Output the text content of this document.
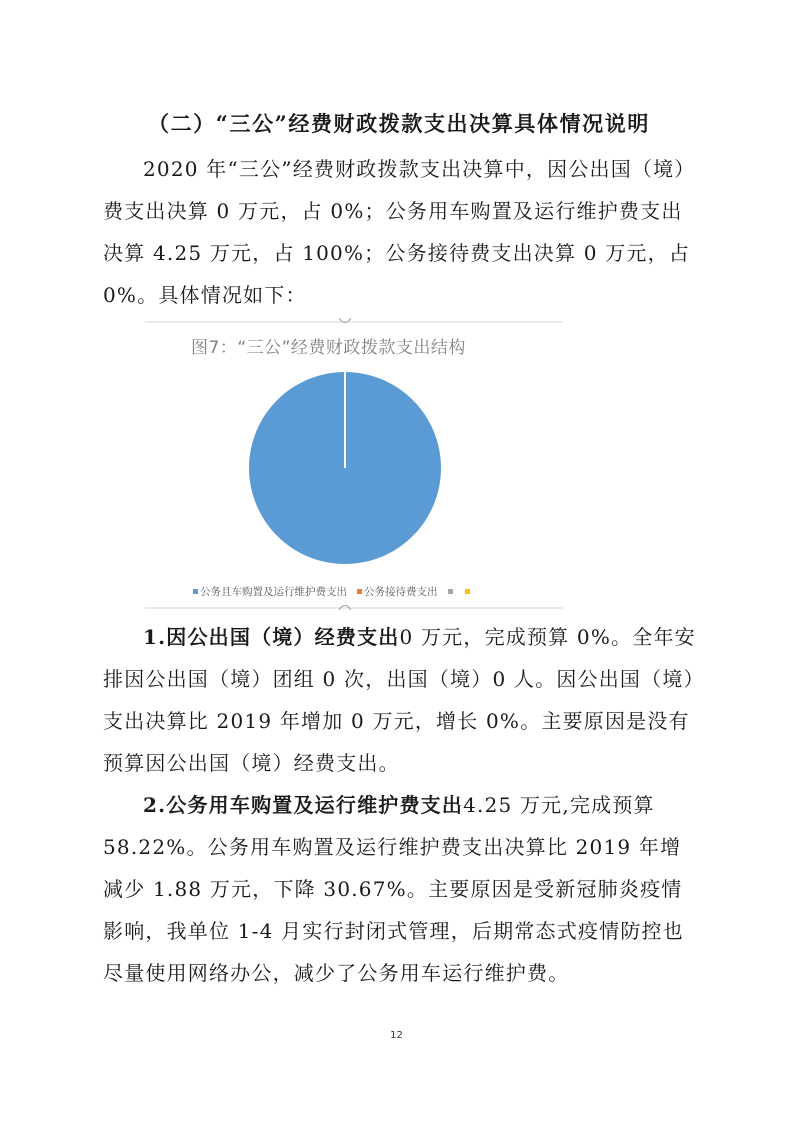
（二）“三公”经费财政拨款支出决算具体情况说明

2020 年“三公”经费财政拨款支出决算中，因公出国（境）费支出决算 0 万元，占 0%；公务用车购置及运行维护费支出决算 4.25 万元，占 100%；公务接待费支出决算 0 万元，占 0%。具体情况如下：

图7：“三公”经费财政拨款支出结构
公务且车购置及运行维护费支出 公务接待费支出

1.因公出国（境）经费支出0 万元，完成预算 0%。全年安排因公出国（境）团组 0 次，出国（境）0 人。因公出国（境）支出决算比 2019 年增加 0 万元，增长 0%。主要原因是没有预算因公出国（境）经费支出。

2.公务用车购置及运行维护费支出4.25 万元,完成预算 58.22%。公务用车购置及运行维护费支出决算比 2019 年增减少 1.88 万元，下降 30.67%。主要原因是受新冠肺炎疫情影响，我单位 1-4 月实行封闭式管理，后期常态式疫情防控也尽量使用网络办公，减少了公务用车运行维护费。

12
